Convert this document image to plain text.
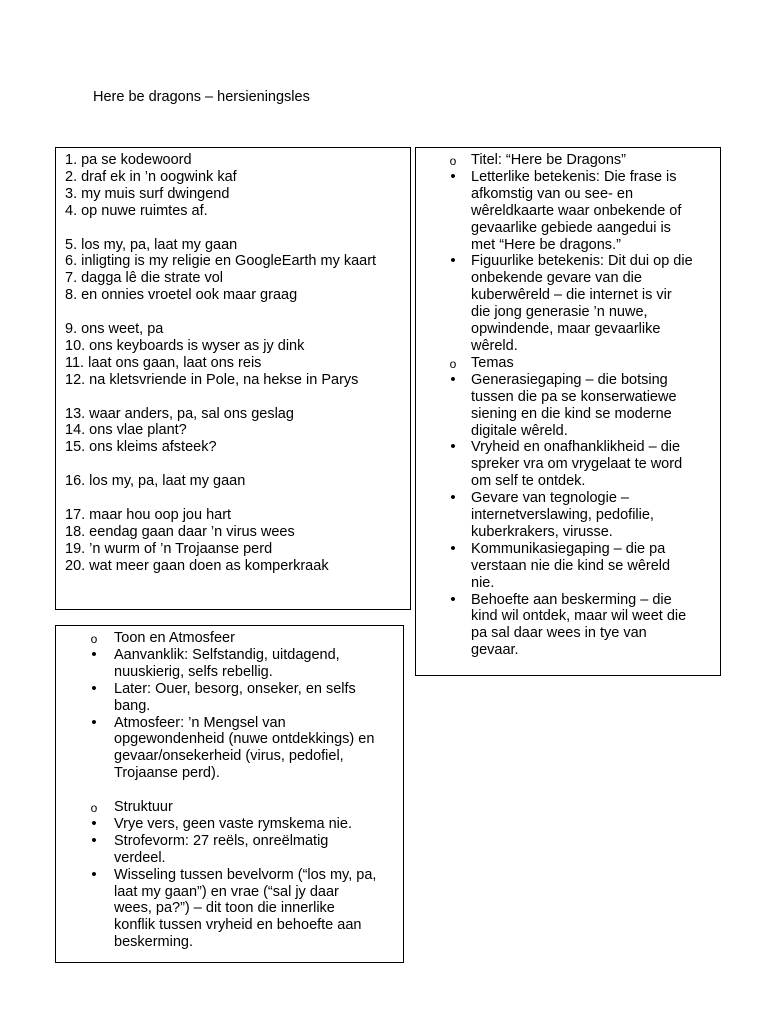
Here be dragons – hersieningsles
1. pa se kodewoord
2. draf ek in ’n oogwink kaf
3. my muis surf dwingend
4. op nuwe ruimtes af.
5. los my, pa, laat my gaan
6. inligting is my religie en GoogleEarth my kaart
7. dagga lê die strate vol
8. en onnies vroetel ook maar graag
9. ons weet, pa
10. ons keyboards is wyser as jy dink
11. laat ons gaan, laat ons reis
12. na kletsvriende in Pole, na hekse in Parys
13. waar anders, pa, sal ons geslag
14. ons vlae plant?
15. ons kleims afsteek?
16. los my, pa, laat my gaan
17. maar hou oop jou hart
18. eendag gaan daar ’n virus wees
19. ’n wurm of ’n Trojaanse perd
20. wat meer gaan doen as komperkraak
o Titel: “Here be Dragons”
•	Letterlike betekenis: Die frase is
afkomstig van ou see- en
wêreldkaarte waar onbekende of
gevaarlike gebiede aangedui is
met “Here be dragons.”
•	Figuurlike betekenis: Dit dui op die
onbekende gevare van die
kuberwêreld – die internet is vir
die jong generasie ’n nuwe,
opwindende, maar gevaarlike
wêreld.
o Temas
•	Generasiegaping – die botsing
tussen die pa se konserwatiewe
siening en die kind se moderne
digitale wêreld.
•	Vryheid en onafhanklikheid – die
spreker vra om vrygelaat te word
om self te ontdek.
•	Gevare van tegnologie –
internetverslawing, pedofilie,
kuberkrakers, virusse.
•	Kommunikasiegaping – die pa
verstaan nie die kind se wêreld
nie.
•	Behoefte aan beskerming – die
kind wil ontdek, maar wil weet die
pa sal daar wees in tye van
gevaar.
o Toon en Atmosfeer
•	Aanvanklik: Selfstandig, uitdagend,
nuuskierig, selfs rebellig.
•	Later: Ouer, besorg, onseker, en selfs
bang.
•	Atmosfeer: ’n Mengsel van
opgewondenheid (nuwe ontdekkings) en
gevaar/onsekerheid (virus, pedofiel,
Trojaanse perd).
o Struktuur
•	Vrye vers, geen vaste rymskema nie.
•	Strofevorm: 27 reëls, onreëlmatig
verdeel.
•	Wisseling tussen bevelvorm (“los my, pa,
laat my gaan”) en vrae (“sal jy daar
wees, pa?”) – dit toon die innerlike
konflik tussen vryheid en behoefte aan
beskerming.
